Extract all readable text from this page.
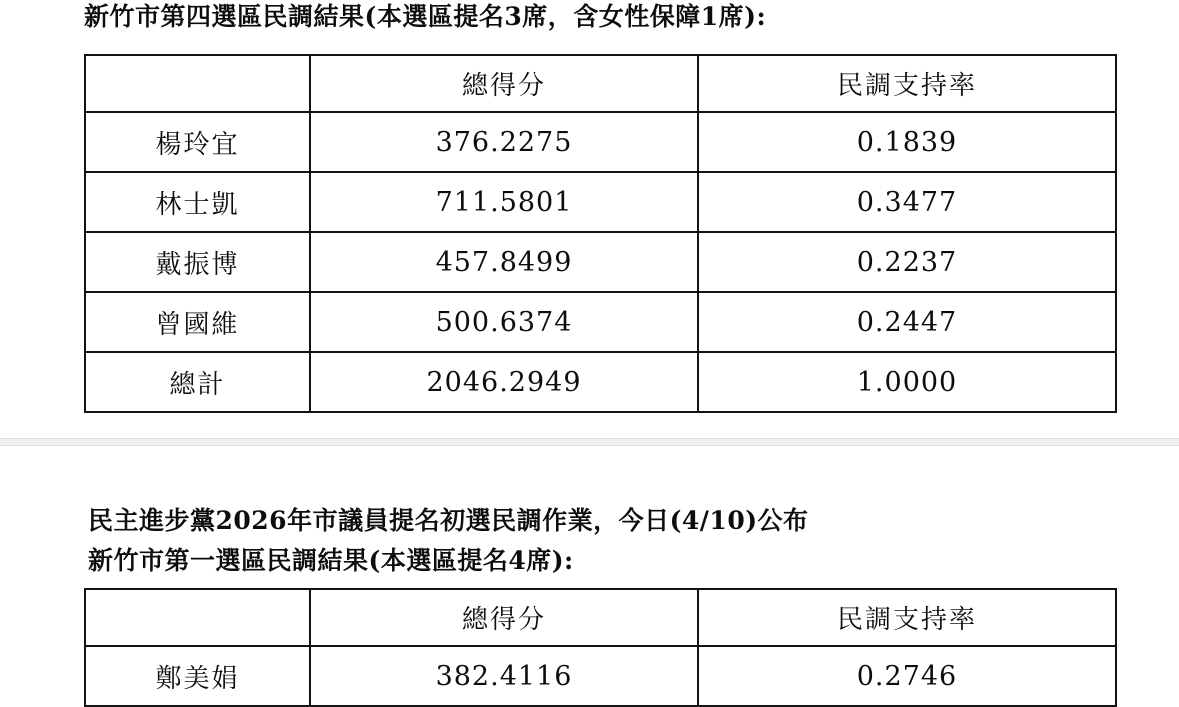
新竹市第四選區民調結果(本選區提名3席，含女性保障1席):
	總得分	民調支持率
楊玲宜	376.2275	0.1839
林士凱	711.5801	0.3477
戴振博	457.8499	0.2237
曾國維	500.6374	0.2447
總計	2046.2949	1.0000
民主進步黨2026年市議員提名初選民調作業，今日(4/10)公布
新竹市第一選區民調結果(本選區提名4席):
	總得分	民調支持率
鄭美娟	382.4116	0.2746
